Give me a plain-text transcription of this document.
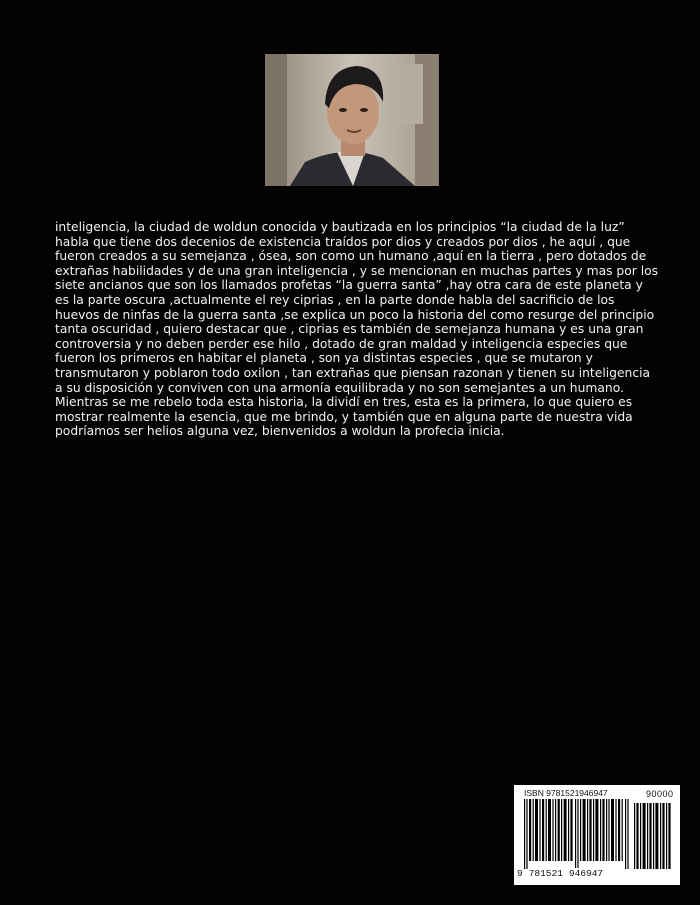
inteligencia, la ciudad de woldun conocida y bautizada en los principios “la ciudad de la luz” habla que tiene dos decenios de existencia traídos por dios y creados por dios , he aquí , que fueron creados a su semejanza , ósea, son como un humano ,aquí en la tierra , pero dotados de extrañas habilidades y de una gran inteligencia , y se mencionan en muchas partes y mas por los siete ancianos que son los llamados profetas “la guerra santa” ,hay otra cara de este planeta y es la parte oscura ,actualmente el rey ciprias , en la parte donde habla del sacrificio de los huevos de ninfas de la guerra santa ,se explica un poco la historia del como resurge del principio tanta oscuridad , quiero destacar que , ciprias es también de semejanza humana y es una gran controversia y no deben perder ese hilo , dotado de gran maldad y inteligencia especies que fueron los primeros en habitar el planeta , son ya distintas especies , que se mutaron y transmutaron y poblaron todo oxilon , tan extrañas que piensan razonan y tienen su inteligencia a su disposición y conviven con una armonía equilibrada y no son semejantes a un humano. Mientras se me rebelo toda esta historia, la dividí en tres, esta es la primera, lo que quiero es mostrar realmente la esencia, que me brindo, y también que en alguna parte de nuestra vida podríamos ser helios alguna vez, bienvenidos a woldun la profecia inicia.

ISBN 9781521946947	90000

9 781521 946947
